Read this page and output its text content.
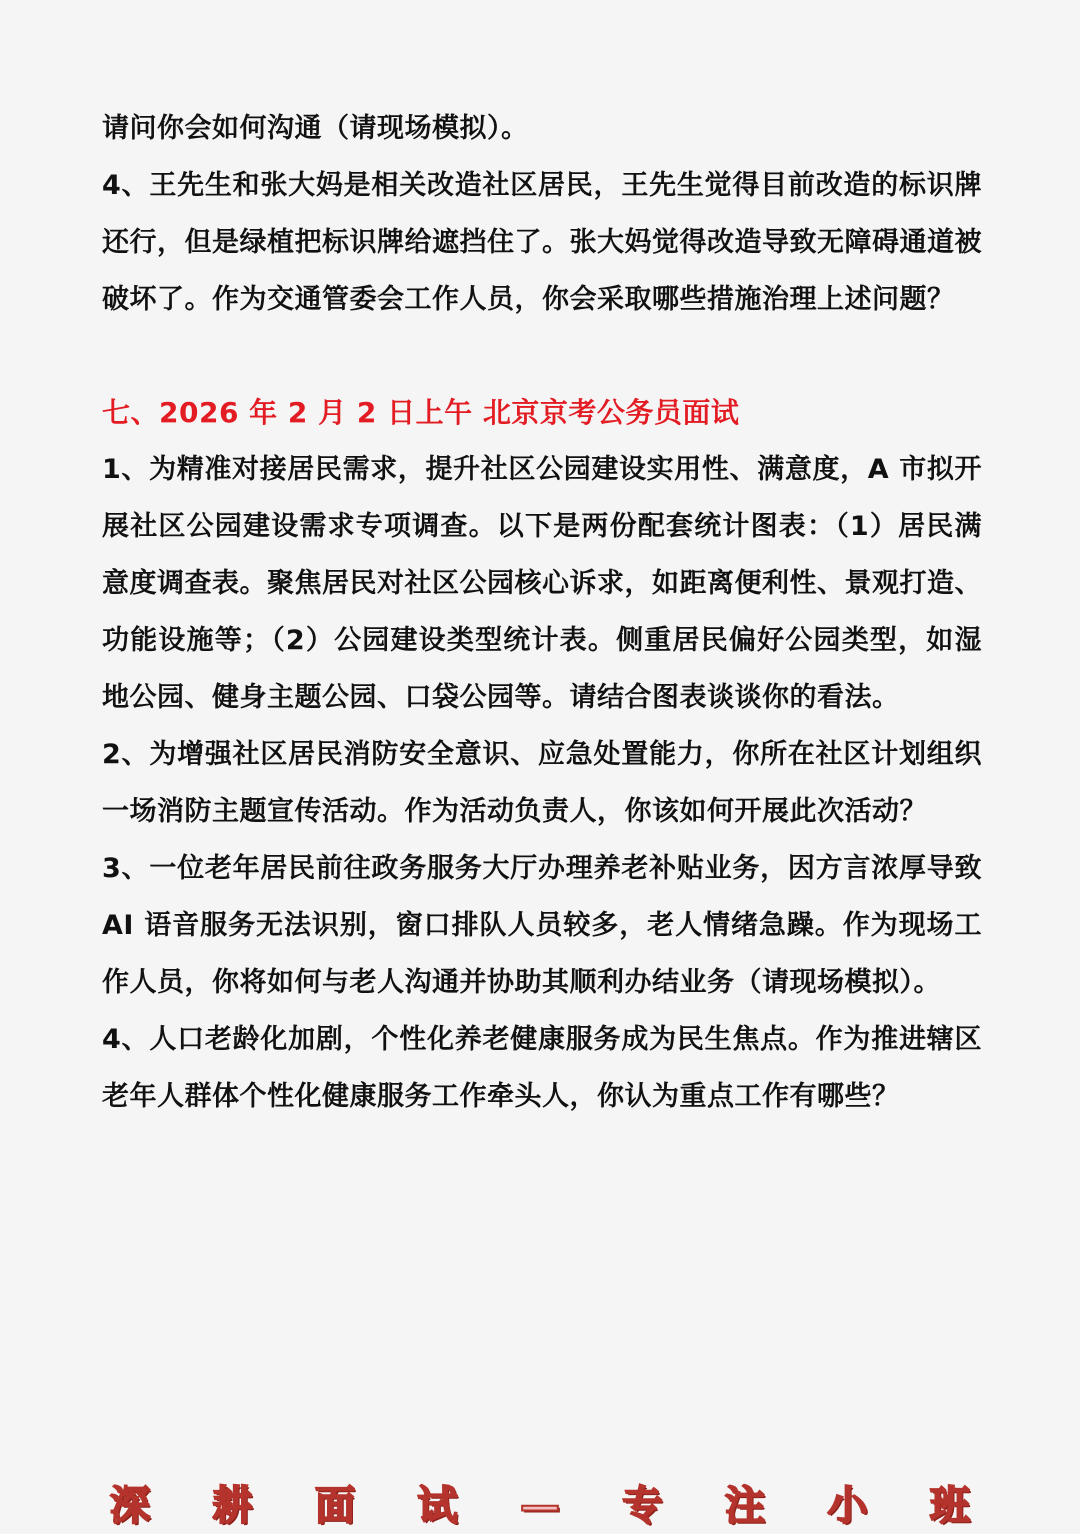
请问你会如何沟通（请现场模拟）。

4、王先生和张大妈是相关改造社区居民，王先生觉得目前改造的标识牌还行，但是绿植把标识牌给遮挡住了。张大妈觉得改造导致无障碍通道被破坏了。作为交通管委会工作人员，你会采取哪些措施治理上述问题？

七、2026 年 2 月 2 日上午 北京京考公务员面试

1、为精准对接居民需求，提升社区公园建设实用性、满意度，A 市拟开展社区公园建设需求专项调查。以下是两份配套统计图表：（1）居民满意度调查表。聚焦居民对社区公园核心诉求，如距离便利性、景观打造、功能设施等；（2）公园建设类型统计表。侧重居民偏好公园类型，如湿地公园、健身主题公园、口袋公园等。请结合图表谈谈你的看法。

2、为增强社区居民消防安全意识、应急处置能力，你所在社区计划组织一场消防主题宣传活动。作为活动负责人，你该如何开展此次活动？

3、一位老年居民前往政务服务大厅办理养老补贴业务，因方言浓厚导致 AI 语音服务无法识别，窗口排队人员较多，老人情绪急躁。作为现场工作人员，你将如何与老人沟通并协助其顺利办结业务（请现场模拟）。

4、人口老龄化加剧，个性化养老健康服务成为民生焦点。作为推进辖区老年人群体个性化健康服务工作牵头人，你认为重点工作有哪些？

深 耕 面 试 — 专 注 小 班
